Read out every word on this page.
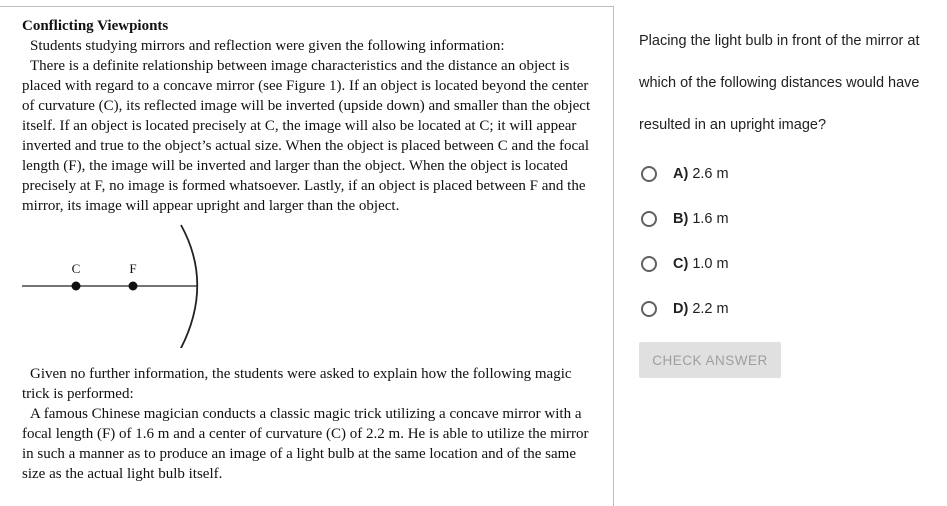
Conflicting Viewpionts

Students studying mirrors and reflection were given the following information:

There is a definite relationship between image characteristics and the distance an object is placed with regard to a concave mirror (see Figure 1). If an object is located beyond the center of curvature (C), its reflected image will be inverted (upside down) and smaller than the object itself. If an object is located precisely at C, the image will also be located at C; it will appear inverted and true to the object’s actual size. When the object is placed between C and the focal length (F), the image will be inverted and larger than the object. When the object is located precisely at F, no image is formed whatsoever. Lastly, if an object is placed between F and the mirror, its image will appear upright and larger than the object.

C	F

Given no further information, the students were asked to explain how the following magic trick is performed:

A famous Chinese magician conducts a classic magic trick utilizing a concave mirror with a focal length (F) of 1.6 m and a center of curvature (C) of 2.2 m. He is able to utilize the mirror in such a manner as to produce an image of a light bulb at the same location and of the same size as the actual light bulb itself.

Placing the light bulb in front of the mirror at
which of the following distances would have
resulted in an upright image?
A) 2.6 m
B) 1.6 m
C) 1.0 m
D) 2.2 m
CHECK ANSWER
